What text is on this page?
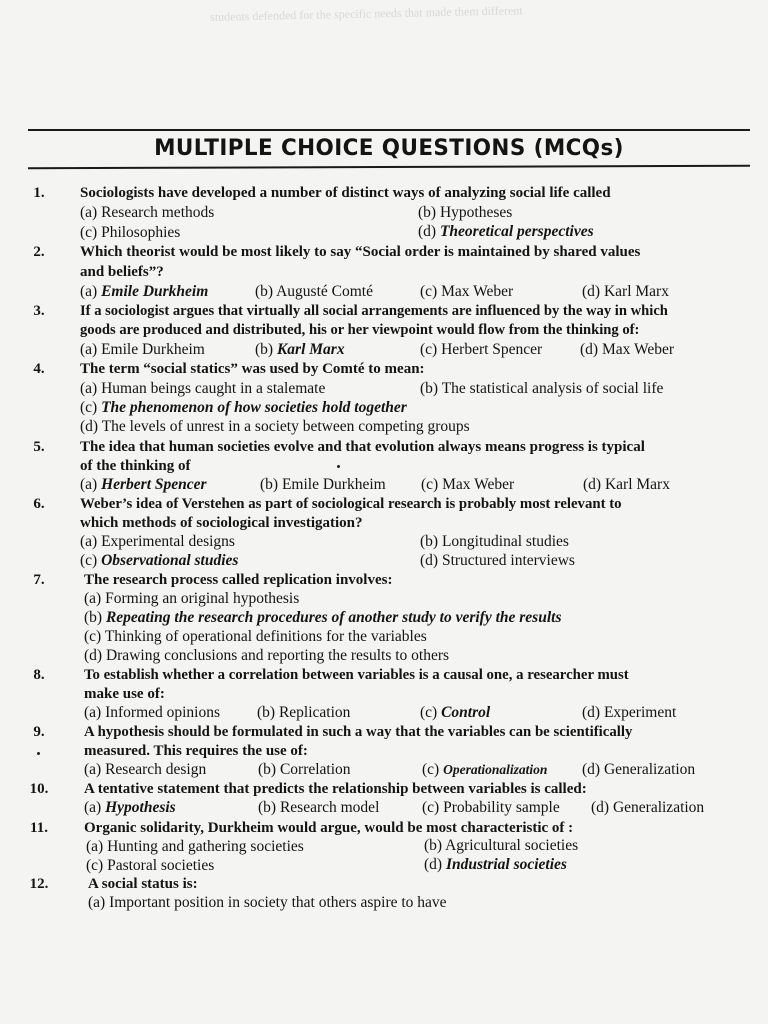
students defended for the specific needs that made them different
MULTIPLE CHOICE QUESTIONS (MCQs)
1.	Sociologists have developed a number of distinct ways of analyzing social life called
(a) Research methods	(b) Hypotheses
(c) Philosophies	(d) Theoretical perspectives
2.	Which theorist would be most likely to say “Social order is maintained by shared values
and beliefs”?
(a) Emile Durkheim	(b) Augusté Comté	(c) Max Weber	(d) Karl Marx
3.	If a sociologist argues that virtually all social arrangements are influenced by the way in which
goods are produced and distributed, his or her viewpoint would flow from the thinking of:
(a) Emile Durkheim	(b) Karl Marx	(c) Herbert Spencer (d) Max Weber
4.	The term “social statics” was used by Comté to mean:
(a) Human beings caught in a stalemate	(b) The statistical analysis of social life
(c) The phenomenon of how societies hold together
(d) The levels of unrest in a society between competing groups
5.	The idea that human societies evolve and that evolution always means progress is typical
of the thinking of
(a) Herbert Spencer	(b) Emile Durkheim (c) Max Weber	(d) Karl Marx
6.	Weber’s idea of Verstehen as part of sociological research is probably most relevant to
which methods of sociological investigation?
(a) Experimental designs	(b) Longitudinal studies
(c) Observational studies	(d) Structured interviews
7.	The research process called replication involves:
(a) Forming an original hypothesis
(b) Repeating the research procedures of another study to verify the results
(c) Thinking of operational definitions for the variables
(d) Drawing conclusions and reporting the results to others
8.	To establish whether a correlation between variables is a causal one, a researcher must
make use of:
(a) Informed opinions (b) Replication	(c) Control	(d) Experiment
9.	A hypothesis should be formulated in such a way that the variables can be scientifically
measured. This requires the use of:
(a) Research design	(b) Correlation	(c) Operationalization (d) Generalization
10.	A tentative statement that predicts the relationship between variables is called:
(a) Hypothesis	(b) Research model	(c) Probability sample (d) Generalization
11.	Organic solidarity, Durkheim would argue, would be most characteristic of :
(a) Hunting and gathering societies	(b) Agricultural societies
(c) Pastoral societies	(d) Industrial societies
12.	A social status is:
(a) Important position in society that others aspire to have
